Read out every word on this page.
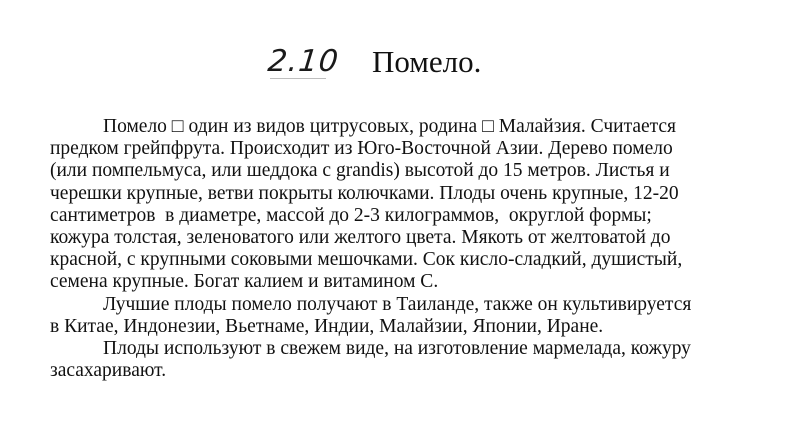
2.10 Помело.

Помело □ один из видов цитрусовых, родина □ Малайзия. Считается
предком грейпфрута. Происходит из Юго-Восточной Азии. Дерево помело
(или помпельмуса, или шеддока с grandis) высотой до 15 метров. Листья и
черешки крупные, ветви покрыты колючками. Плоды очень крупные, 12-20
сантиметров  в диаметре, массой до 2-3 килограммов,  округлой формы;
кожура толстая, зеленоватого или желтого цвета. Мякоть от желтоватой до
красной, с крупными соковыми мешочками. Сок кисло-сладкий, душистый,
семена крупные. Богат калием и витамином С.

Лучшие плоды помело получают в Таиланде, также он культивируется
в Китае, Индонезии, Вьетнаме, Индии, Малайзии, Японии, Иране.

Плоды используют в свежем виде, на изготовление мармелада, кожуру
засахаривают.
